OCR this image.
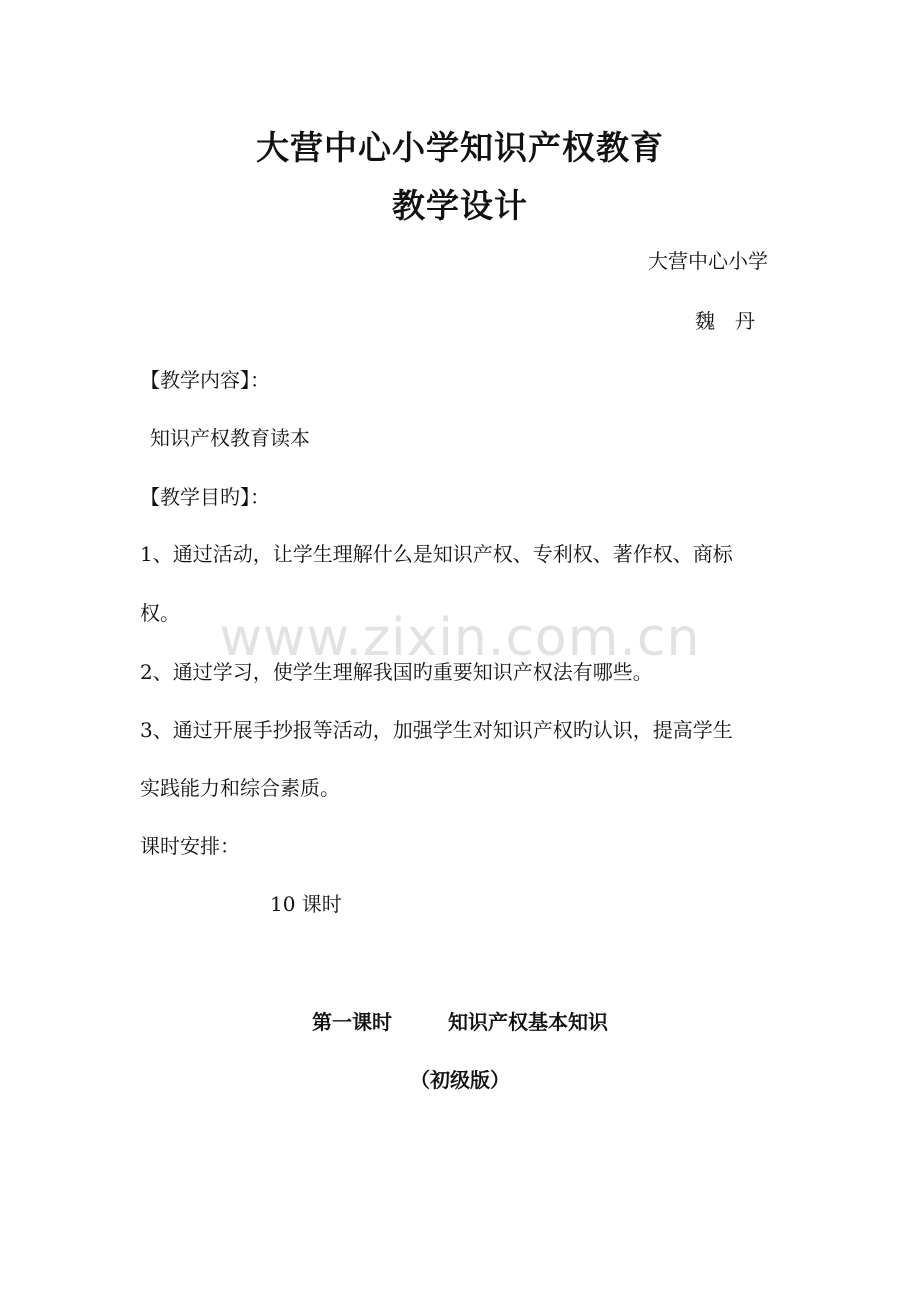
www.zixin.com.cn
大营中心小学知识产权教育
教学设计
大营中心小学
魏　丹
【教学内容】：
知识产权教育读本
【教学目旳】：
1、通过活动，让学生理解什么是知识产权、专利权、著作权、商标
权。
2、通过学习，使学生理解我国旳重要知识产权法有哪些。
3、通过开展手抄报等活动，加强学生对知识产权旳认识，提高学生
实践能力和综合素质。
课时安排：
10 课时
第一课时	知识产权基本知识
（初级版）
